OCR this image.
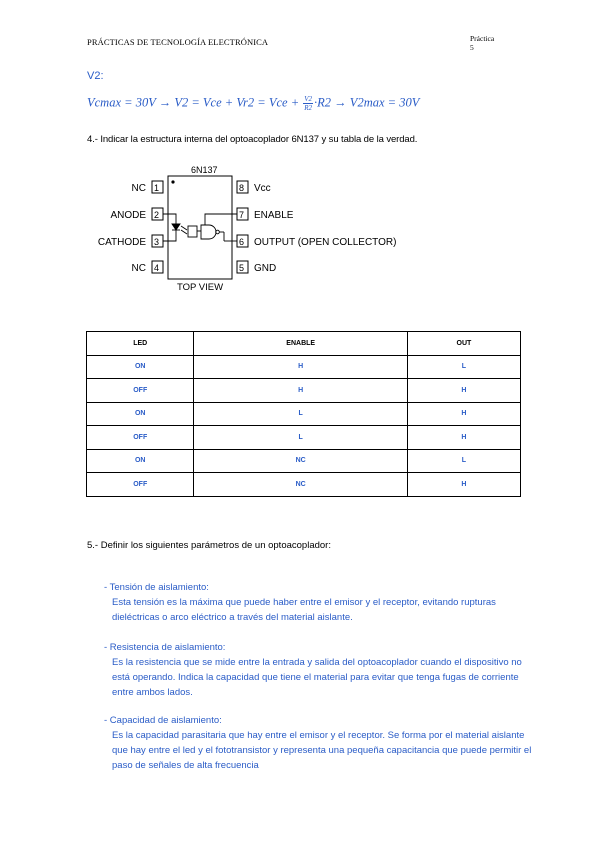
PRÁCTICAS DE TECNOLOGÍA ELECTRÓNICA	Práctica
5
V2:
Vcmax = 30V → V2 = Vce + Vr2 = Vce + $\frac{V2}{R2} \cdot R2 \to V2\max = 30V$
4.- Indicar la estructura interna del optoacoplador 6N137 y su tabla de la verdad.
6N137
NC
ANODE
CATHODE
NC
1
2
3
4
8
7
6
5
Vcc
ENABLE
OUTPUT (OPEN COLLECTOR)
GND
TOP VIEW
LED	ENABLE	OUT
ON	H	L
OFF	H	H
ON	L	H
OFF	L	H
ON	NC	L
OFF	NC	H
5.- Definir los siguientes parámetros de un optoacoplador:
- Tensión de aislamiento:
Esta tensión es la máxima que puede haber entre el emisor y el receptor, evitando rupturas dieléctricas o arco eléctrico a través del material aislante.
- Resistencia de aislamiento:
Es la resistencia que se mide entre la entrada y salida del optoacoplador cuando el dispositivo no está operando. Indica la capacidad que tiene el material para evitar que tenga fugas de corriente entre ambos lados.
- Capacidad de aislamiento:
Es la capacidad parasitaria que hay entre el emisor y el receptor. Se forma por el material aislante que hay entre el led y el fototransistor y representa una pequeña capacitancia que puede permitir el paso de señales de alta frecuencia
